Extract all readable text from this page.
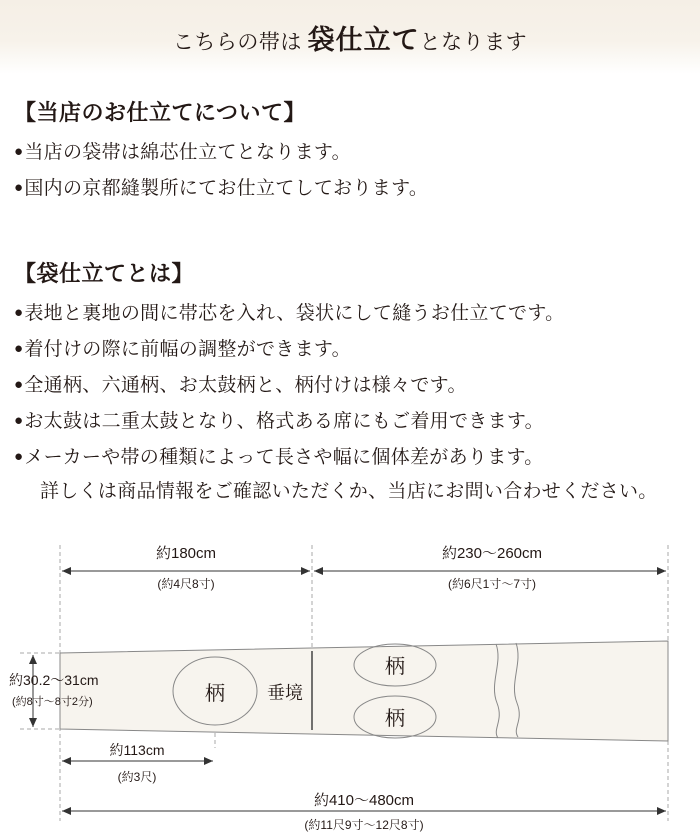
こちらの帯は 袋仕立てとなります
【当店のお仕立てについて】
●当店の袋帯は綿芯仕立てとなります。
●国内の京都縫製所にてお仕立てしております。
【袋仕立てとは】
●表地と裏地の間に帯芯を入れ、袋状にして縫うお仕立てです。
●着付けの際に前幅の調整ができます。
●全通柄、六通柄、お太鼓柄と、柄付けは様々です。
●お太鼓は二重太鼓となり、格式ある席にもご着用できます。
●メーカーや帯の種類によって長さや幅に個体差があります。
詳しくは商品情報をご確認いただくか、当店にお問い合わせください。
約180cm
(約4尺8寸)
約230〜260cm
(約6尺1寸〜7寸)
柄
柄
柄
垂境
約30.2〜31cm
(約8寸〜8寸2分)
約113cm
(約3尺)
約410〜480cm
(約11尺9寸〜12尺8寸)
